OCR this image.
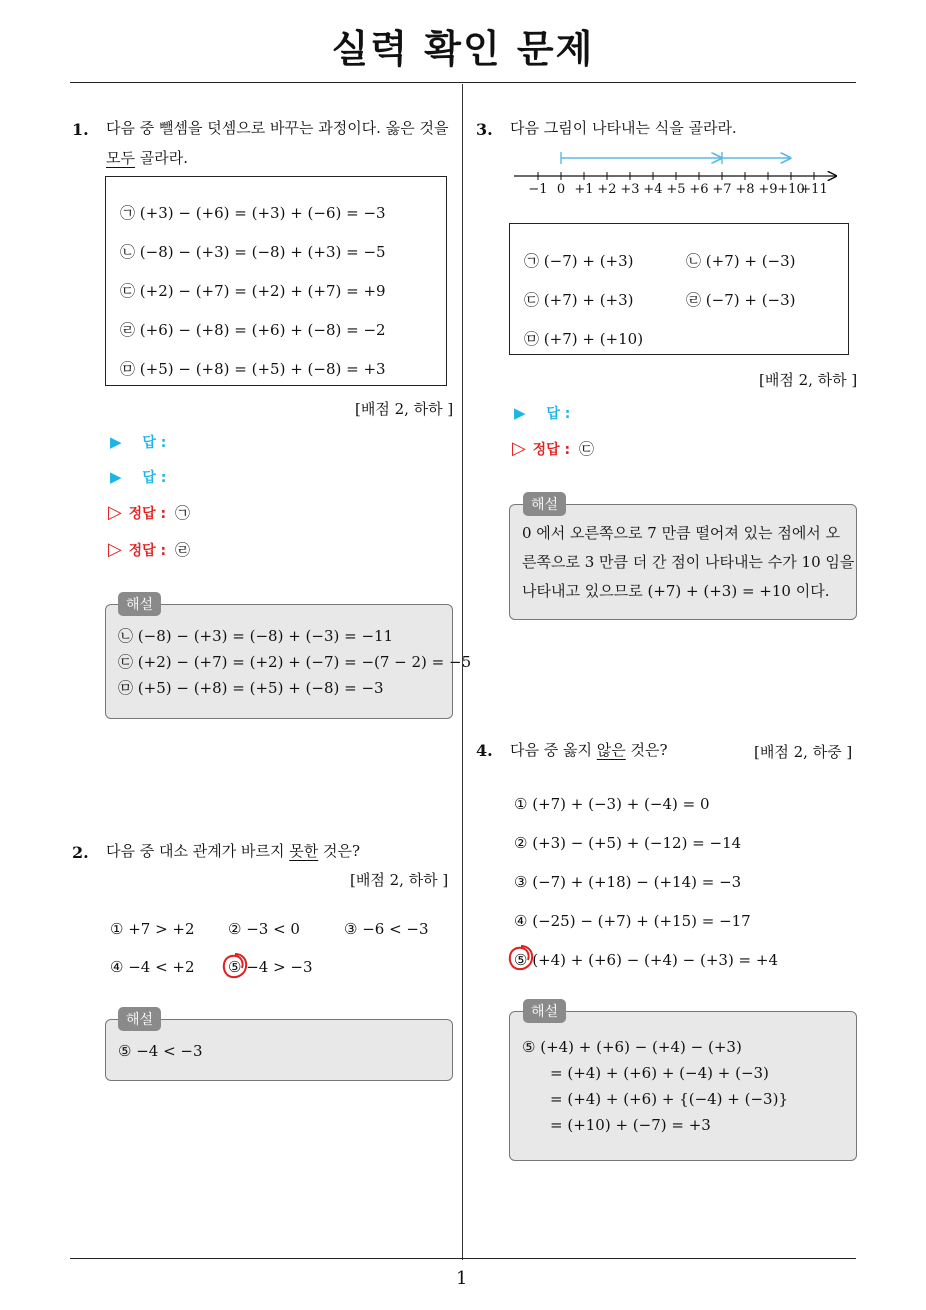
실력 확인 문제
1. 다음 중 뺄셈을 덧셈으로 바꾸는 과정이다. 옳은 것을
모두 골라라.
㉠ (+3) − (+6) = (+3) + (−6) = −3
㉡ (−8) − (+3) = (−8) + (+3) = −5
㉢ (+2) − (+7) = (+2) + (+7) = +9
㉣ (+6) − (+8) = (+6) + (−8) = −2
㉤ (+5) − (+8) = (+5) + (−8) = +3
[배점 2, 하하 ]
▶ 답 :
▶ 답 :
▷ 정답 : ㉠
▷ 정답 : ㉣
㉡ (−8) − (+3) = (−8) + (−3) = −11
㉢ (+2) − (+7) = (+2) + (−7) = −(7 − 2) = −5
㉤ (+5) − (+8) = (+5) + (−8) = −3
해설
2. 다음 중 대소 관계가 바르지 못한 것은?
[배점 2, 하하 ]
① +7 > +2 ② −3 < 0	③ −6 < −3
④ −4 < +2 ⑤ −4 > −3
⑤ −4 < −3
해설
3. 다음 그림이 나타내는 식을 골라라.
−1 0 +1 +2 +3 +4 +5 +6 +7 +8 +9 +10
+11
㉠ (−7) + (+3)	㉡ (+7) + (−3)
㉢ (+7) + (+3)	㉣ (−7) + (−3)
㉤ (+7) + (+10)
[배점 2, 하하 ]
▶ 답 :
▷ 정답 : ㉢
0 에서 오른쪽으로 7 만큼 떨어져 있는 점에서 오
른쪽으로 3 만큼 더 간 점이 나타내는 수가 10 임을
나타내고 있으므로 (+7) + (+3) = +10 이다.
해설
4. 다음 중 옳지 않은 것은?	[배점 2, 하중 ]
① (+7) + (−3) + (−4) = 0
② (+3) − (+5) + (−12) = −14
③ (−7) + (+18) − (+14) = −3
④ (−25) − (+7) + (+15) = −17
⑤ (+4) + (+6) − (+4) − (+3) = +4
⑤ (+4) + (+6) − (+4) − (+3)
= (+4) + (+6) + (−4) + (−3)
= (+4) + (+6) + {(−4) + (−3)}
= (+10) + (−7) = +3
해설
1
